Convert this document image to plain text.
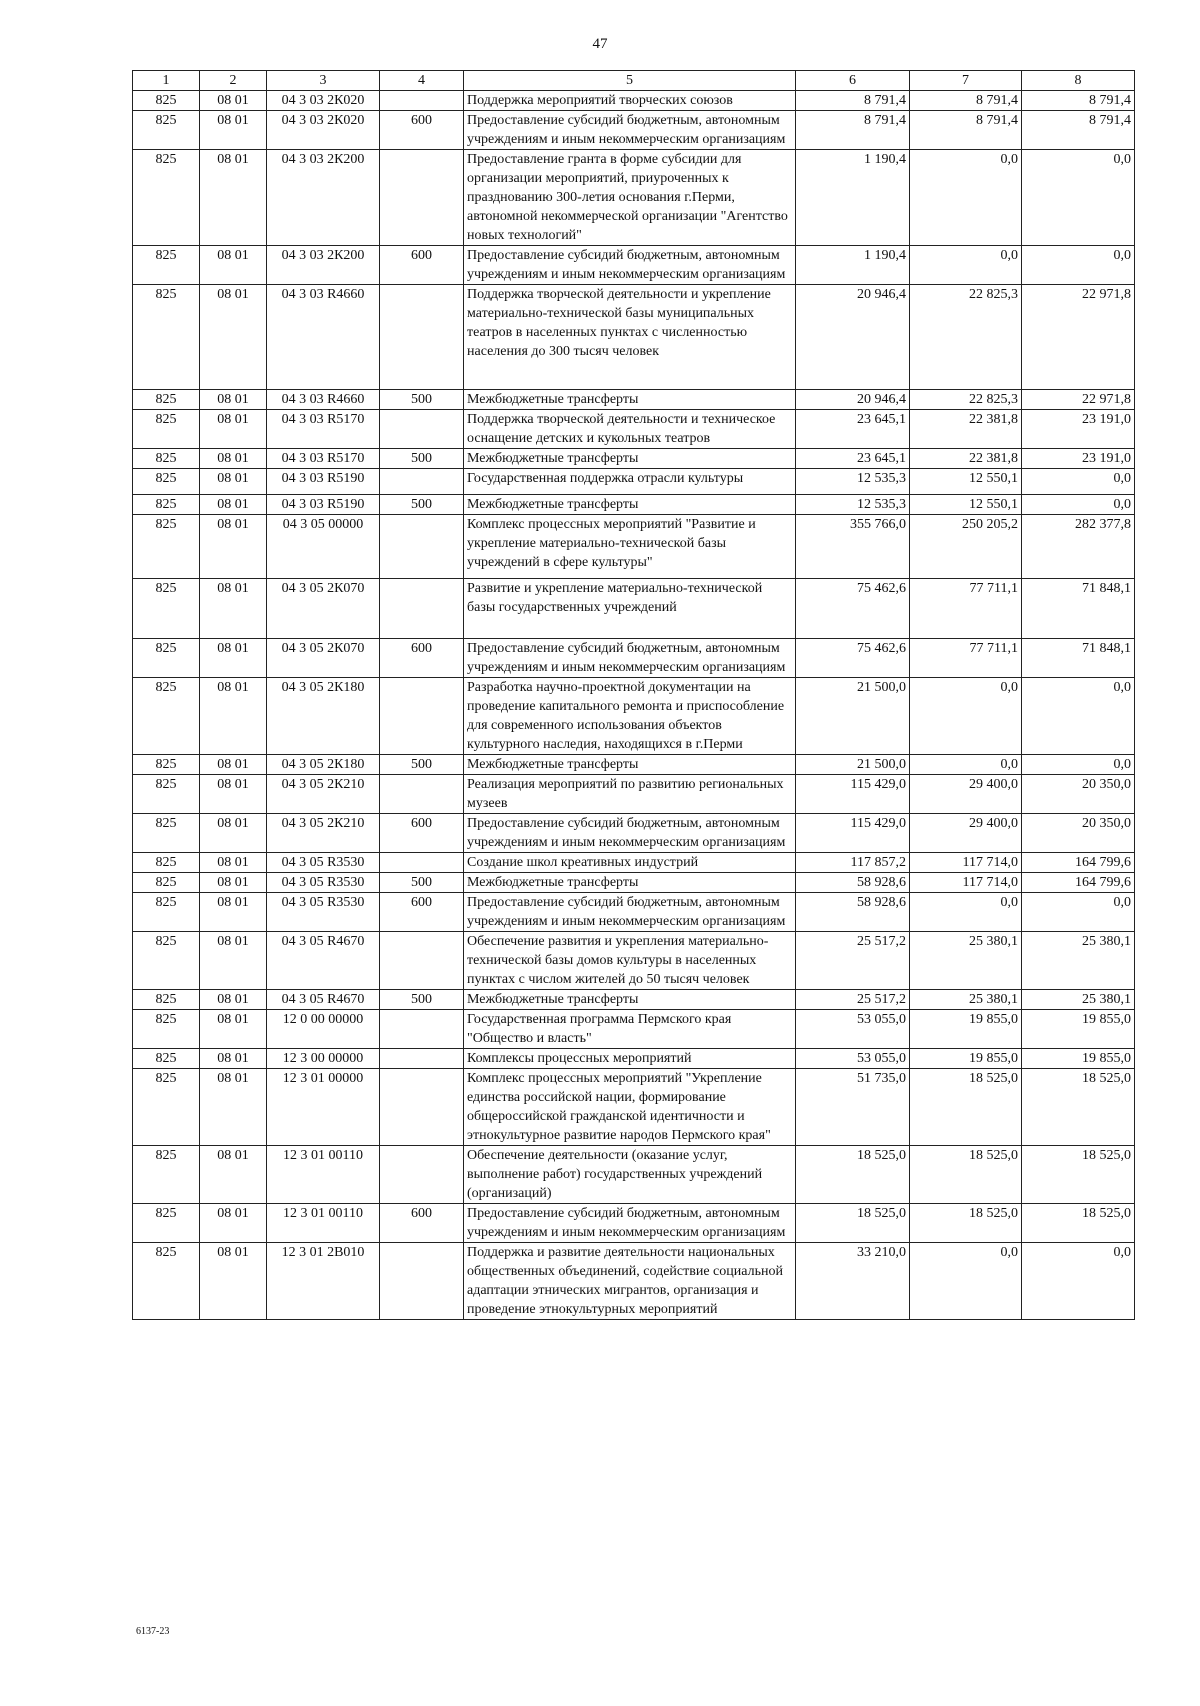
47
1	2	3	4	5	6	7	8
825	08 01	04 3 03 2К020		Поддержка мероприятий творческих союзов	8 791,4	8 791,4	8 791,4
825	08 01	04 3 03 2К020	600	Предоставление субсидий бюджетным, автономным учреждениям и иным некоммерческим организациям	8 791,4	8 791,4	8 791,4
825	08 01	04 3 03 2К200		Предоставление гранта в форме субсидии для организации мероприятий, приуроченных к празднованию 300-летия основания г.Перми, автономной некоммерческой организации "Агентство новых технологий"	1 190,4	0,0	0,0
825	08 01	04 3 03 2К200	600	Предоставление субсидий бюджетным, автономным учреждениям и иным некоммерческим организациям	1 190,4	0,0	0,0
825	08 01	04 3 03 R4660		Поддержка творческой деятельности и укрепление материально-технической базы муниципальных театров в населенных пунктах с численностью населения до 300 тысяч человек	20 946,4	22 825,3	22 971,8
825	08 01	04 3 03 R4660	500	Межбюджетные трансферты	20 946,4	22 825,3	22 971,8
825	08 01	04 3 03 R5170		Поддержка творческой деятельности и техническое оснащение детских и кукольных театров	23 645,1	22 381,8	23 191,0
825	08 01	04 3 03 R5170	500	Межбюджетные трансферты	23 645,1	22 381,8	23 191,0
825	08 01	04 3 03 R5190		Государственная поддержка отрасли культуры	12 535,3	12 550,1	0,0
825	08 01	04 3 03 R5190	500	Межбюджетные трансферты	12 535,3	12 550,1	0,0
825	08 01	04 3 05 00000		Комплекс процессных мероприятий "Развитие и укрепление материально-технической базы учреждений в сфере культуры"	355 766,0	250 205,2	282 377,8
825	08 01	04 3 05 2К070		Развитие и укрепление материально-технической базы государственных учреждений	75 462,6	77 711,1	71 848,1
825	08 01	04 3 05 2К070	600	Предоставление субсидий бюджетным, автономным учреждениям и иным некоммерческим организациям	75 462,6	77 711,1	71 848,1
825	08 01	04 3 05 2К180		Разработка научно-проектной документации на проведение капитального ремонта и приспособление для современного использования объектов культурного наследия, находящихся в г.Перми	21 500,0	0,0	0,0
825	08 01	04 3 05 2К180	500	Межбюджетные трансферты	21 500,0	0,0	0,0
825	08 01	04 3 05 2К210		Реализация мероприятий по развитию региональных музеев	115 429,0	29 400,0	20 350,0
825	08 01	04 3 05 2К210	600	Предоставление субсидий бюджетным, автономным учреждениям и иным некоммерческим организациям	115 429,0	29 400,0	20 350,0
825	08 01	04 3 05 R3530		Создание школ креативных индустрий	117 857,2	117 714,0	164 799,6
825	08 01	04 3 05 R3530	500	Межбюджетные трансферты	58 928,6	117 714,0	164 799,6
825	08 01	04 3 05 R3530	600	Предоставление субсидий бюджетным, автономным учреждениям и иным некоммерческим организациям	58 928,6	0,0	0,0
825	08 01	04 3 05 R4670		Обеспечение развития и укрепления материально-технической базы домов культуры в населенных пунктах с числом жителей до 50 тысяч человек	25 517,2	25 380,1	25 380,1
825	08 01	04 3 05 R4670	500	Межбюджетные трансферты	25 517,2	25 380,1	25 380,1
825	08 01	12 0 00 00000		Государственная программа Пермского края "Общество и власть"	53 055,0	19 855,0	19 855,0
825	08 01	12 3 00 00000		Комплексы процессных мероприятий	53 055,0	19 855,0	19 855,0
825	08 01	12 3 01 00000		Комплекс процессных мероприятий "Укрепление единства российской нации, формирование общероссийской гражданской идентичности и этнокультурное развитие народов Пермского края"	51 735,0	18 525,0	18 525,0
825	08 01	12 3 01 00110		Обеспечение деятельности (оказание услуг, выполнение работ) государственных учреждений (организаций)	18 525,0	18 525,0	18 525,0
825	08 01	12 3 01 00110	600	Предоставление субсидий бюджетным, автономным учреждениям и иным некоммерческим организациям	18 525,0	18 525,0	18 525,0
825	08 01	12 3 01 2В010		Поддержка и развитие деятельности национальных общественных объединений, содействие социальной адаптации этнических мигрантов, организация и проведение этнокультурных мероприятий	33 210,0	0,0	0,0
6137-23
